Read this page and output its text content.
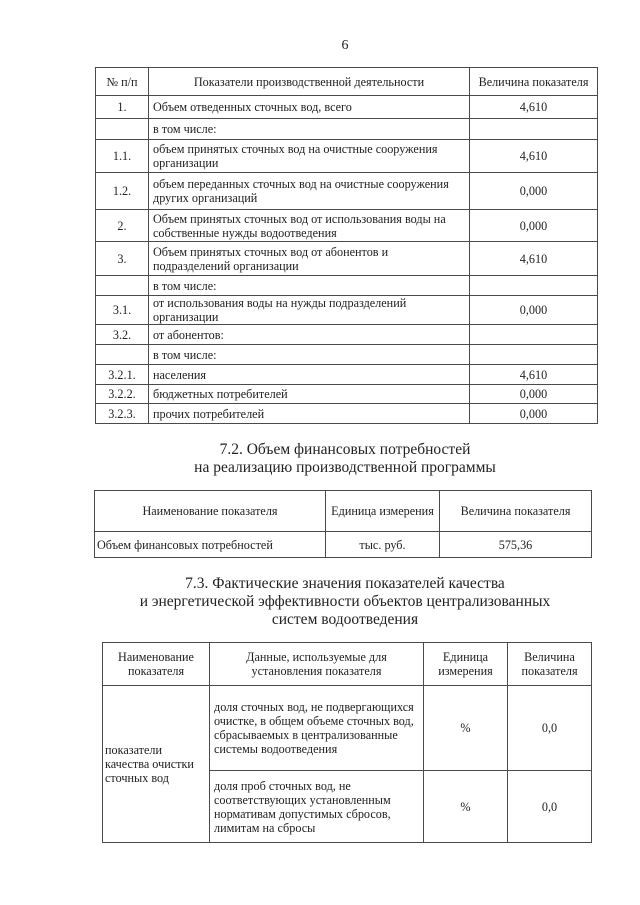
6
№ п/п	Показатели производственной деятельности	Величина показателя
1.	Объем отведенных сточных вод, всего	4,610
	в том числе:	
1.1.	объем принятых сточных вод на очистные сооружения организации	4,610
1.2.	объем переданных сточных вод на очистные сооружения других организаций	0,000
2.	Объем принятых сточных вод от использования воды на собственные нужды водоотведения	0,000
3.	Объем принятых сточных вод от абонентов и подразделений организации	4,610
	в том числе:	
3.1.	от использования воды на нужды подразделений организации	0,000
3.2.	от абонентов:	
	в том числе:	
3.2.1.	населения	4,610
3.2.2.	бюджетных потребителей	0,000
3.2.3.	прочих потребителей	0,000
7.2. Объем финансовых потребностей
на реализацию производственной программы
Наименование показателя	Единица измерения	Величина показателя
Объем финансовых потребностей	тыс. руб.	575,36
7.3. Фактические значения показателей качества
и энергетической эффективности объектов централизованных
систем водоотведения
Наименование показателя	Данные, используемые для установления показателя	Единица измерения	Величина показателя
показатели качества очистки сточных вод	доля сточных вод, не подвергающихся очистке, в общем объеме сточных вод, сбрасываемых в централизованные системы водоотведения	%	0,0
	доля проб сточных вод, не соответствующих установленным нормативам допустимых сбросов, лимитам на сбросы	%	0,0
